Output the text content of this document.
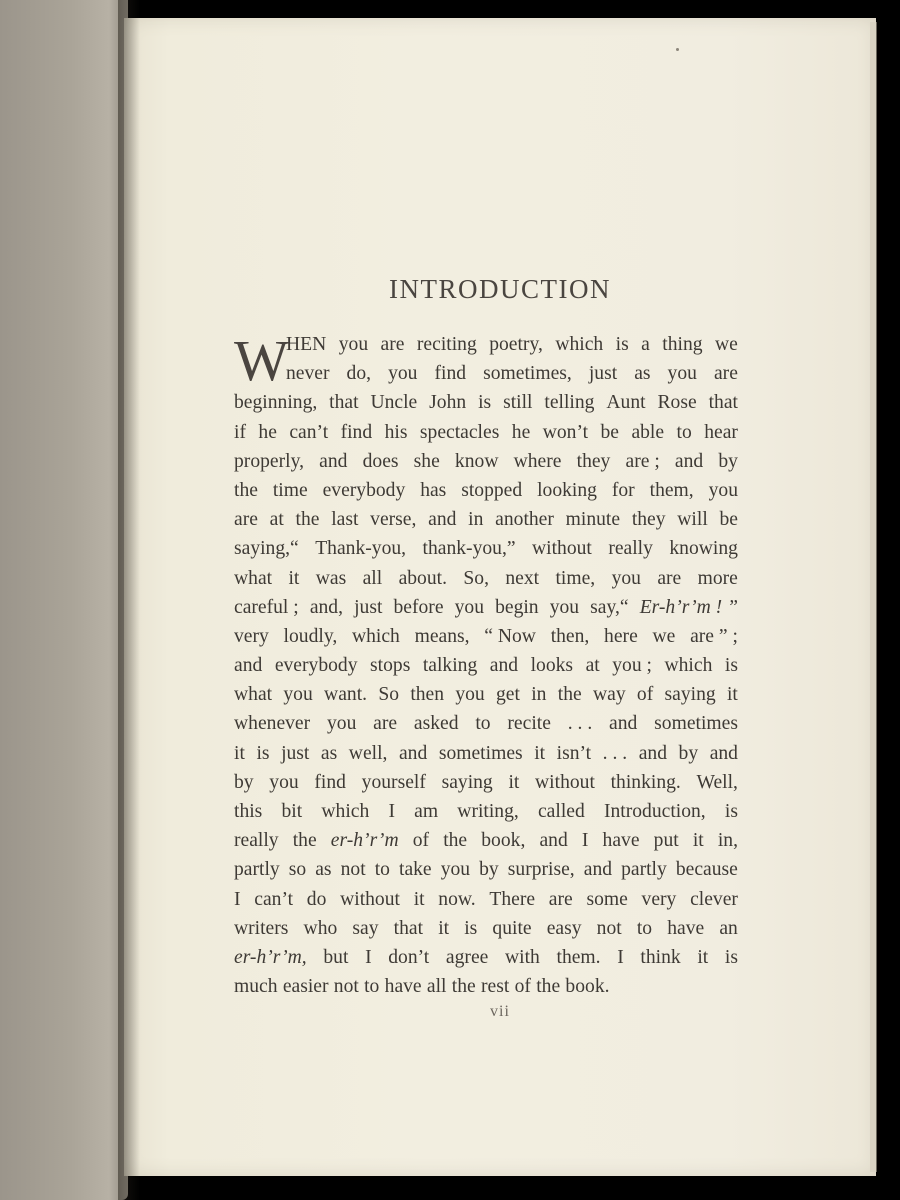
INTRODUCTION
W
HEN you are reciting poetry, which is a thing we
never do, you find sometimes, just as you are
beginning, that Uncle John is still telling Aunt Rose that
if he can’t find his spectacles he won’t be able to hear
properly, and does she know where they are ; and by
the time everybody has stopped looking for them, you
are at the last verse, and in another minute they will be
saying,“ Thank-you, thank-you,” without really knowing
what it was all about. So, next time, you are more
careful ; and, just before you begin you say,“ Er-h’r’m ! ”
very loudly, which means, “ Now then, here we are ” ;
and everybody stops talking and looks at you ; which is
what you want. So then you get in the way of saying it
whenever you are asked to recite . . . and sometimes
it is just as well, and sometimes it isn’t . . . and by and
by you find yourself saying it without thinking. Well,
this bit which I am writing, called Introduction, is
really the er-h’r’m of the book, and I have put it in,
partly so as not to take you by surprise, and partly because
I can’t do without it now. There are some very clever
writers who say that it is quite easy not to have an
er-h’r’m, but I don’t agree with them. I think it is
much easier not to have all the rest of the book.
vii
